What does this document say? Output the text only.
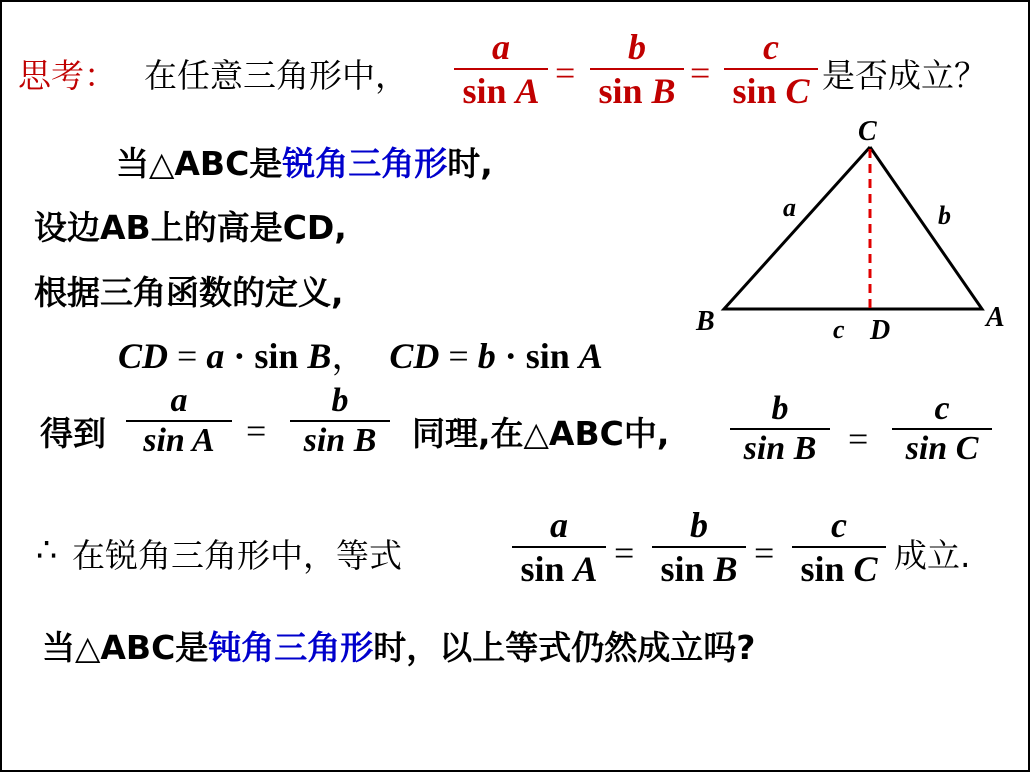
思考： 在任意三角形中，
a
sin A =
b
sin B =
c
sin C 是否成立？
当△ABC是锐角三角形时,
设边AB上的高是CD,
根据三角函数的定义,
CD = a · sin B， CD = b · sin A
得到
a
sin A =
b
sin B	同理,在△ABC中,
b
sin B =
c
sin C
∴ 在锐角三角形中，等式
a
sin A =
b
sin B =
c
sin C 成立.
当△ABC是钝角三角形时，以上等式仍然成立吗?
C
B	A
D
a	b
c
